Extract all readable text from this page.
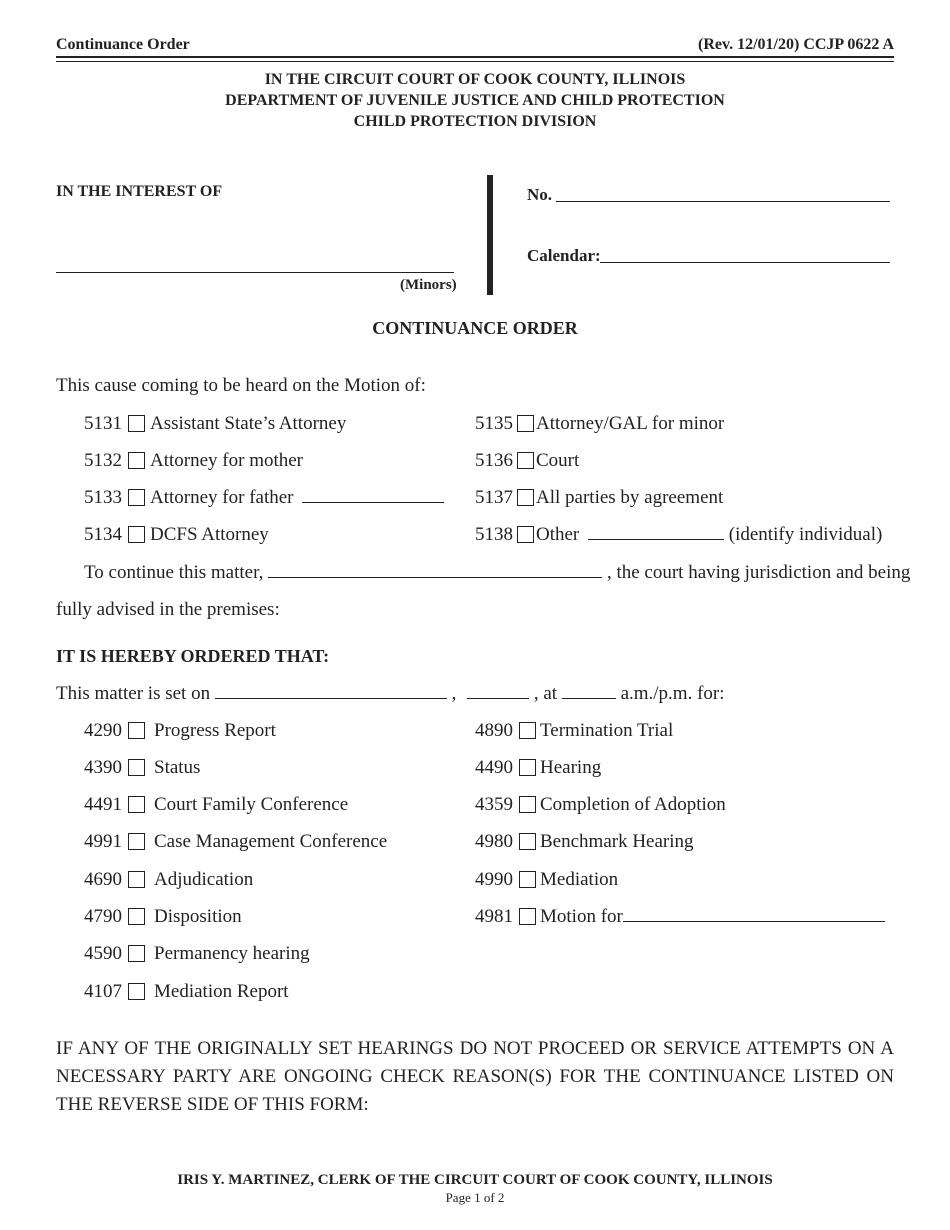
Continuance Order	(Rev. 12/01/20) CCJP 0622 A
IN THE CIRCUIT COURT OF COOK COUNTY, ILLINOIS
DEPARTMENT OF JUVENILE JUSTICE AND CHILD PROTECTION
CHILD PROTECTION DIVISION
IN THE INTEREST OF
(Minors)
No.
Calendar:
CONTINUANCE ORDER
This cause coming to be heard on the Motion of:
5131 Assistant State’s Attorney
5132 Attorney for mother
5133 Attorney for father
5134 DCFS Attorney
5135 Attorney/GAL for minor
5136 Court
5137 All parties by agreement
5138 Other	(identify individual)
To continue this matter,	, the court having jurisdiction and being
fully advised in the premises:
IT IS HEREBY ORDERED THAT:
This matter is set on	,	, at	a.m./p.m. for:
4290 Progress Report
4390 Status
4491 Court Family Conference
4991 Case Management Conference
4690 Adjudication
4790 Disposition
4590 Permanency hearing
4107 Mediation Report
4890 Termination Trial
4490 Hearing
4359 Completion of Adoption
4980 Benchmark Hearing
4990 Mediation
4981 Motion for
IF ANY OF THE ORIGINALLY SET HEARINGS DO NOT PROCEED OR SERVICE ATTEMPTS ON A NECESSARY PARTY ARE ONGOING CHECK REASON(S) FOR THE CONTINUANCE LISTED ON THE REVERSE SIDE OF THIS FORM:
IRIS Y. MARTINEZ, CLERK OF THE CIRCUIT COURT OF COOK COUNTY, ILLINOIS
Page 1 of 2
